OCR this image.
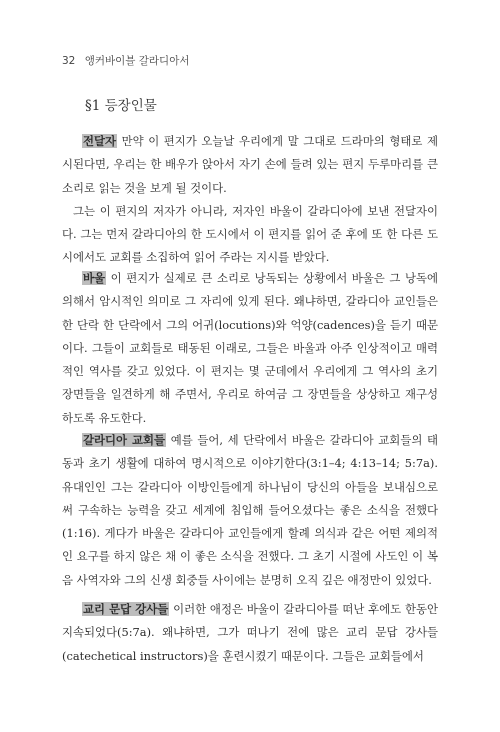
32 앵커바이블 갈라디아서
§1 등장인물
전달자 만약 이 편지가 오늘날 우리에게 말 그대로 드라마의 형태로 제시된다면, 우리는 한 배우가 앉아서 자기 손에 들려 있는 편지 두루마리를 큰 소리로 읽는 것을 보게 될 것이다.
그는 이 편지의 저자가 아니라, 저자인 바울이 갈라디아에 보낸 전달자이다. 그는 먼저 갈라디아의 한 도시에서 이 편지를 읽어 준 후에 또 한 다른 도시에서도 교회를 소집하여 읽어 주라는 지시를 받았다.
바울 이 편지가 실제로 큰 소리로 낭독되는 상황에서 바울은 그 낭독에 의해서 암시적인 의미로 그 자리에 있게 된다. 왜냐하면, 갈라디아 교인들은 한 단락 한 단락에서 그의 어귀(locutions)와 억양(cadences)을 듣기 때문이다. 그들이 교회들로 태동된 이래로, 그들은 바울과 아주 인상적이고 매력적인 역사를 갖고 있었다. 이 편지는 몇 군데에서 우리에게 그 역사의 초기 장면들을 일견하게 해 주면서, 우리로 하여금 그 장면들을 상상하고 재구성하도록 유도한다.
갈라디아 교회들 예를 들어, 세 단락에서 바울은 갈라디아 교회들의 태동과 초기 생활에 대하여 명시적으로 이야기한다(3:1–4; 4:13–14; 5:7a). 유대인인 그는 갈라디아 이방인들에게 하나님이 당신의 아들을 보내심으로써 구속하는 능력을 갖고 세계에 침입해 들어오셨다는 좋은 소식을 전했다(1:16). 게다가 바울은 갈라디아 교인들에게 할례 의식과 같은 어떤 제의적인 요구를 하지 않은 채 이 좋은 소식을 전했다. 그 초기 시절에 사도인 이 복음 사역자와 그의 신생 회중들 사이에는 분명히 오직 깊은 애정만이 있었다.
교리 문답 강사들 이러한 애정은 바울이 갈라디아를 떠난 후에도 한동안 지속되었다(5:7a). 왜냐하면, 그가 떠나기 전에 많은 교리 문답 강사들(catechetical instructors)을 훈련시켰기 때문이다. 그들은 교회들에서
